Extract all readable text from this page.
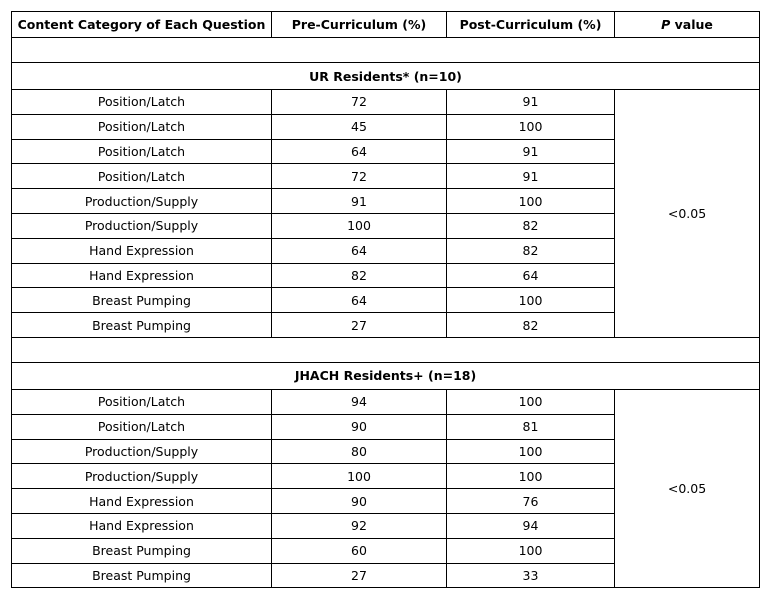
Content Category of Each Question	Pre-Curriculum (%)	Post-Curriculum (%)	P value

UR Residents* (n=10)			
Position/Latch	72	91	<0.05
Position/Latch	45	100	
Position/Latch	64	91	
Position/Latch	72	91	
Production/Supply	91	100	
Production/Supply	100	82	
Hand Expression	64	82	
Hand Expression	82	64	
Breast Pumping	64	100	
Breast Pumping	27	82	

JHACH Residents+ (n=18)			
Position/Latch	94	100	<0.05
Position/Latch	90	81	
Production/Supply	80	100	
Production/Supply	100	100	
Hand Expression	90	76	
Hand Expression	92	94	
Breast Pumping	60	100	
Breast Pumping	27	33	
